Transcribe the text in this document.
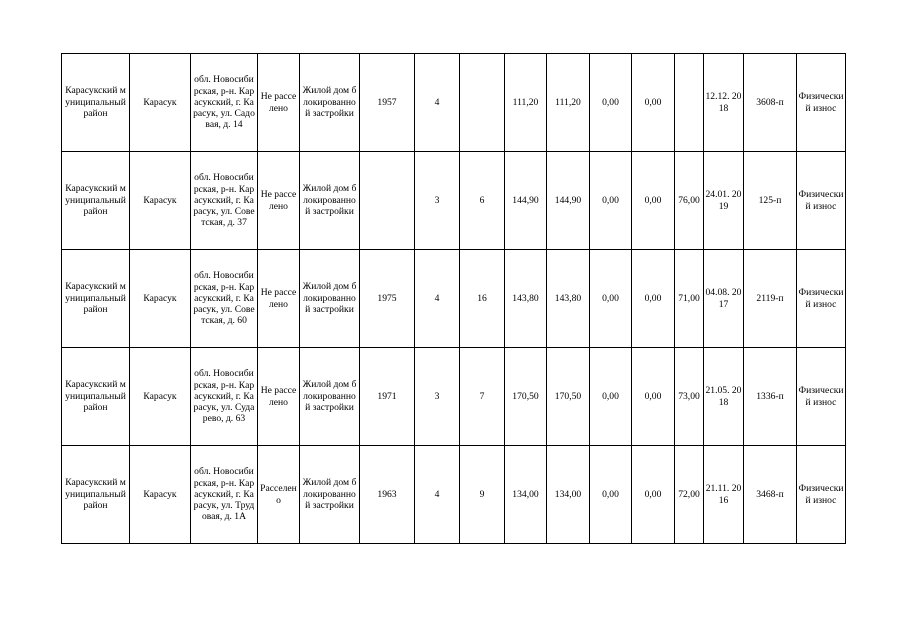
Карасукский муниципальный район	Карасук	обл. Новосибирская, р-н. Карасукский, г. Карасук, ул. Садовая, д. 14	Не расселено	Жилой дом блокированной застройки	1957	4		111,20	111,20	0,00	0,00		12.12. 2018	3608-п	Физический износ
Карасукский муниципальный район	Карасук	обл. Новосибирская, р-н. Карасукский, г. Карасук, ул. Советская, д. 37	Не расселено	Жилой дом блокированной застройки		3	6	144,90	144,90	0,00	0,00	76,00	24.01. 2019	125-п	Физический износ
Карасукский муниципальный район	Карасук	обл. Новосибирская, р-н. Карасукский, г. Карасук, ул. Советская, д. 60	Не расселено	Жилой дом блокированной застройки	1975	4	16	143,80	143,80	0,00	0,00	71,00	04.08. 2017	2119-п	Физический износ
Карасукский муниципальный район	Карасук	обл. Новосибирская, р-н. Карасукский, г. Карасук, ул. Сударево, д. 63	Не расселено	Жилой дом блокированной застройки	1971	3	7	170,50	170,50	0,00	0,00	73,00	21.05. 2018	1336-п	Физический износ
Карасукский муниципальный район	Карасук	обл. Новосибирская, р-н. Карасукский, г. Карасук, ул. Трудовая, д. 1А	Расселено	Жилой дом блокированной застройки	1963	4	9	134,00	134,00	0,00	0,00	72,00	21.11. 2016	3468-п	Физический износ
